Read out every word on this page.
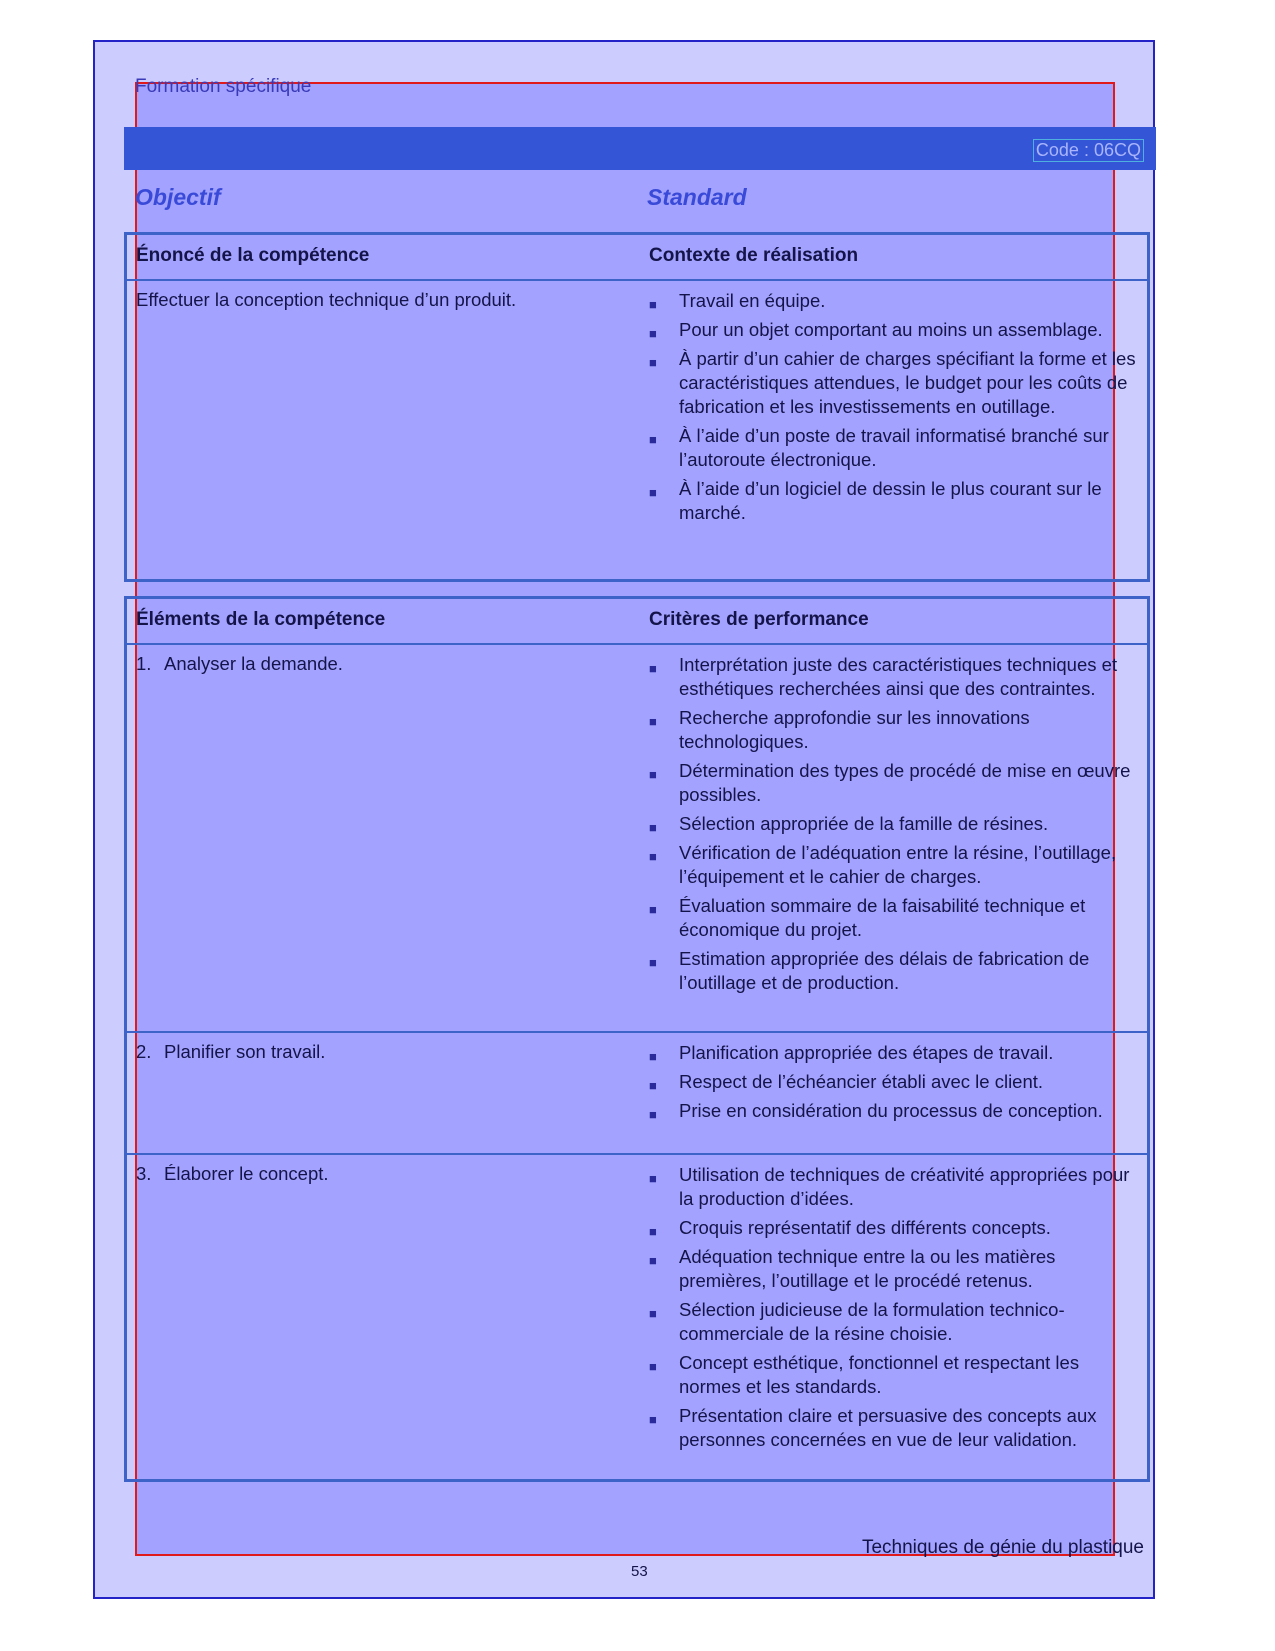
Formation spécifique
Code : 06CQ
Objectif	Standard
Énoncé de la compétence	Contexte de réalisation
Effectuer la conception technique d’un produit.	■ Travail en équipe.
■ Pour un objet comportant au moins un assemblage.
■ À partir d’un cahier de charges spécifiant la forme et les caractéristiques attendues, le budget pour les coûts de fabrication et les investissements en outillage.
■ À l’aide d’un poste de travail informatisé branché sur l’autoroute électronique.
■ À l’aide d’un logiciel de dessin le plus courant sur le marché.
Éléments de la compétence	Critères de performance
1. Analyser la demande.	■ Interprétation juste des caractéristiques techniques et esthétiques recherchées ainsi que des contraintes.
■ Recherche approfondie sur les innovations technologiques.
■ Détermination des types de procédé de mise en œuvre possibles.
■ Sélection appropriée de la famille de résines.
■ Vérification de l’adéquation entre la résine, l’outillage, l’équipement et le cahier de charges.
■ Évaluation sommaire de la faisabilité technique et économique du projet.
■ Estimation appropriée des délais de fabrication de l’outillage et de production.
2. Planifier son travail.	■ Planification appropriée des étapes de travail.
■ Respect de l’échéancier établi avec le client.
■ Prise en considération du processus de conception.
3. Élaborer le concept.	■ Utilisation de techniques de créativité appropriées pour la production d’idées.
■ Croquis représentatif des différents concepts.
■ Adéquation technique entre la ou les matières premières, l’outillage et le procédé retenus.
■ Sélection judicieuse de la formulation technico-commerciale de la résine choisie.
■ Concept esthétique, fonctionnel et respectant les normes et les standards.
■ Présentation claire et persuasive des concepts aux personnes concernées en vue de leur validation.
Techniques de génie du plastique
53
